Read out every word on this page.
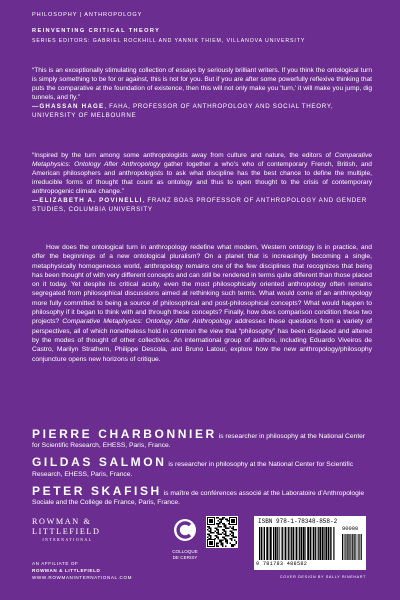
PHILOSOPHY | ANTHROPOLOGY
REINVENTING CRITICAL THEORY
SERIES EDITORS: GABRIEL ROCKHILL AND YANNIK THIEM, VILLANOVA UNIVERSITY

“This is an exceptionally stimulating collection of essays by seriously brilliant writers. If you think the ontological turn is simply something to be for or against, this is not for you. But if you are after some powerfully reflexive thinking that puts the comparative at the foundation of existence, then this will not only make you ‘turn,’ it will make you jump, dig tunnels, and fly.”

—GHASSAN HAGE, FAHA, PROFESSOR OF ANTHROPOLOGY AND SOCIAL THEORY, UNIVERSITY OF MELBOURNE

“Inspired by the turn among some anthropologists away from culture and nature, the editors of Comparative Metaphysics: Ontology After Anthropology gather together a who’s who of contemporary French, British, and American philosophers and anthropologists to ask what discipline has the best chance to define the multiple, irreducible forms of thought that count as ontology and thus to open thought to the crisis of contemporary anthropogenic climate change.”

—ELIZABETH A. POVINELLI, FRANZ BOAS PROFESSOR OF ANTHROPOLOGY AND GENDER STUDIES, COLUMBIA UNIVERSITY

How does the ontological turn in anthropology redefine what modern, Western ontology is in practice, and offer the beginnings of a new ontological pluralism? On a planet that is increasingly becoming a single, metaphysically homogeneous world, anthropology remains one of the few disciplines that recognizes that being has been thought of with very different concepts and can still be rendered in terms quite different than those placed on it today. Yet despite its critical acuity, even the most philosophically oriented anthropology often remains segregated from philosophical discussions aimed at rethinking such terms. What would come of an anthropology more fully committed to being a source of philosophical and post-philosophical concepts? What would happen to philosophy if it began to think with and through these concepts? Finally, how does comparison condition these two projects? Comparative Metaphysics: Ontology After Anthropology addresses these questions from a variety of perspectives, all of which nonetheless hold in common the view that “philosophy” has been displaced and altered by the modes of thought of other collectives. An international group of authors, including Eduardo Viveiros de Castro, Marilyn Strathern, Philippe Descola, and Bruno Latour, explore how the new anthropology/philosophy conjuncture opens new horizons of critique.

PIERRE CHARBONNIER is researcher in philosophy at the National Center for Scientific Research, EHESS, Paris, France.

GILDAS SALMON is researcher in philosophy at the National Center for Scientific Research, EHESS, Paris, France.

PETER SKAFISH is maître de conférences associé at the Laboratoire d’Anthropologie Sociale and the Collège de France, Paris, France.

ROWMAN &
LITTLEFIELD
INTERNATIONAL
AN AFFILIATE OF
ROWMAN & LITTLEFIELD
WWW.ROWMANINTERNATIONAL.COM
COLLOQUE
DE CERISY
ISBN 978-1-78348-858-2
90000
9 781783 488582
COVER DESIGN BY SALLY RINEHART
